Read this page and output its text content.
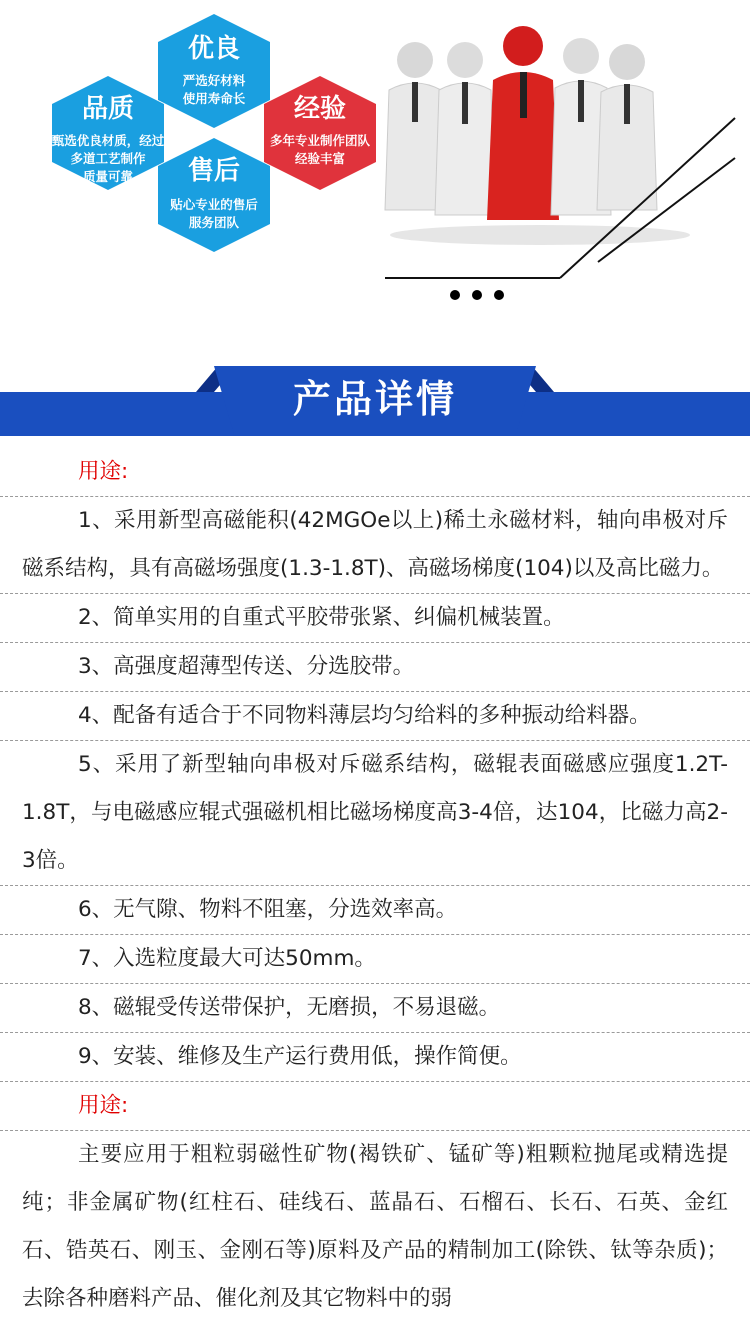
优良
严选好材料
使用寿命长
品质
甄选优良材质，经过
多道工艺制作
质量可靠
经验
多年专业制作团队
经验丰富
售后
贴心专业的售后
服务团队
产品详情
用途:
1、采用新型高磁能积(42MGOe以上)稀土永磁材料，轴向串极对斥磁系结构，具有高磁场强度(1.3-1.8T)、高磁场梯度(104)以及高比磁力。
2、简单实用的自重式平胶带张紧、纠偏机械装置。
3、高强度超薄型传送、分选胶带。
4、配备有适合于不同物料薄层均匀给料的多种振动给料器。
5、采用了新型轴向串极对斥磁系结构，磁辊表面磁感应强度1.2T-1.8T，与电磁感应辊式强磁机相比磁场梯度高3-4倍，达104，比磁力高2-3倍。
6、无气隙、物料不阻塞，分选效率高。
7、入选粒度最大可达50mm。
8、磁辊受传送带保护，无磨损，不易退磁。
9、安装、维修及生产运行费用低，操作简便。
用途:
主要应用于粗粒弱磁性矿物(褐铁矿、锰矿等)粗颗粒抛尾或精选提纯；非金属矿物(红柱石、硅线石、蓝晶石、石榴石、长石、石英、金红石、锆英石、刚玉、金刚石等)原料及产品的精制加工(除铁、钛等杂质)；去除各种磨料产品、催化剂及其它物料中的弱
